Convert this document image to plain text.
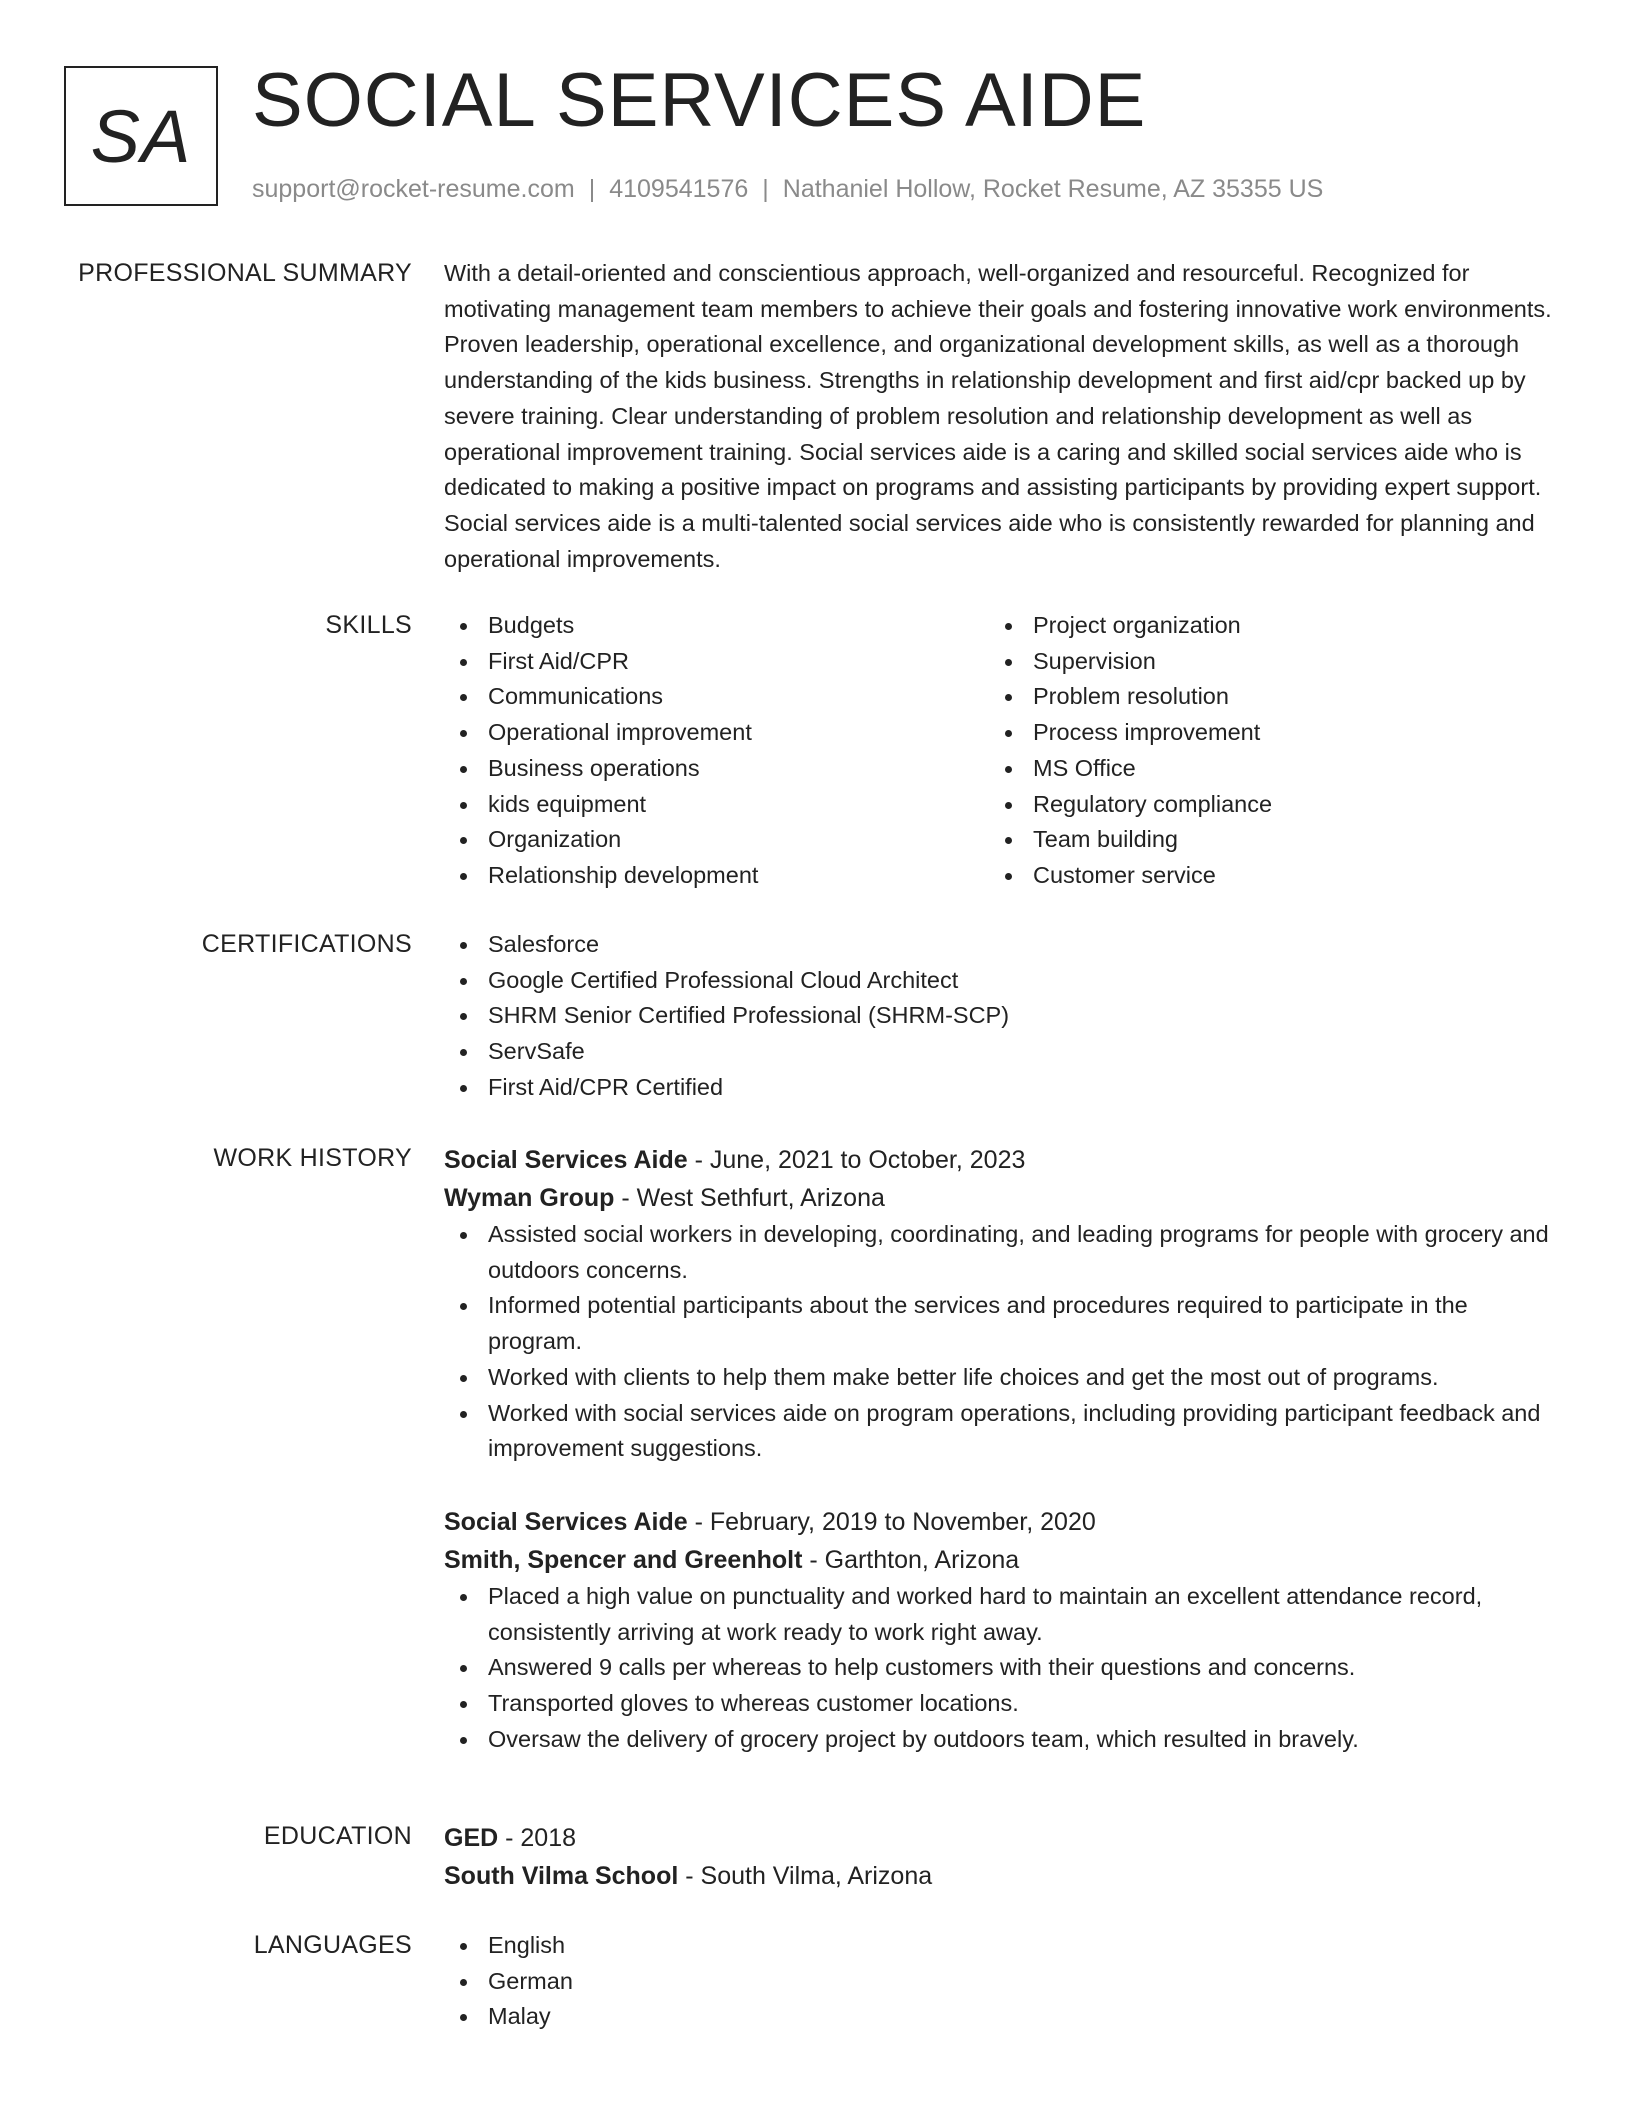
SA SOCIAL SERVICES AIDE
support@rocket-resume.com | 4109541576 | Nathaniel Hollow, Rocket Resume, AZ 35355 US
PROFESSIONAL SUMMARY With a detail-oriented and conscientious approach, well-organized and resourceful. Recognized for motivating management team members to achieve their goals and fostering innovative work environments. Proven leadership, operational excellence, and organizational development skills, as well as a thorough understanding of the kids business. Strengths in relationship development and first aid/cpr backed up by severe training. Clear understanding of problem resolution and relationship development as well as operational improvement training. Social services aide is a caring and skilled social services aide who is dedicated to making a positive impact on programs and assisting participants by providing expert support. Social services aide is a multi-talented social services aide who is consistently rewarded for planning and operational improvements.

SKILLS	Budgets
First Aid/CPR
Communications
Operational improvement
Business operations
kids equipment
Organization
Relationship development
Project organization
Supervision
Problem resolution
Process improvement
MS Office
Regulatory compliance
Team building
Customer service
CERTIFICATIONS	Salesforce
Google Certified Professional Cloud Architect
SHRM Senior Certified Professional (SHRM-SCP)
ServSafe
First Aid/CPR Certified
WORK HISTORY Social Services Aide - June, 2021 to October, 2023
Wyman Group - West Sethfurt, Arizona
Assisted social workers in developing, coordinating, and leading programs for people with grocery and outdoors concerns.
Informed potential participants about the services and procedures required to participate in the program.
Worked with clients to help them make better life choices and get the most out of programs.
Worked with social services aide on program operations, including providing participant feedback and improvement suggestions.
Social Services Aide - February, 2019 to November, 2020
Smith, Spencer and Greenholt - Garthton, Arizona
Placed a high value on punctuality and worked hard to maintain an excellent attendance record, consistently arriving at work ready to work right away.
Answered 9 calls per whereas to help customers with their questions and concerns.
Transported gloves to whereas customer locations.
Oversaw the delivery of grocery project by outdoors team, which resulted in bravely.
EDUCATION GED - 2018
South Vilma School - South Vilma, Arizona
LANGUAGES	English
German
Malay
